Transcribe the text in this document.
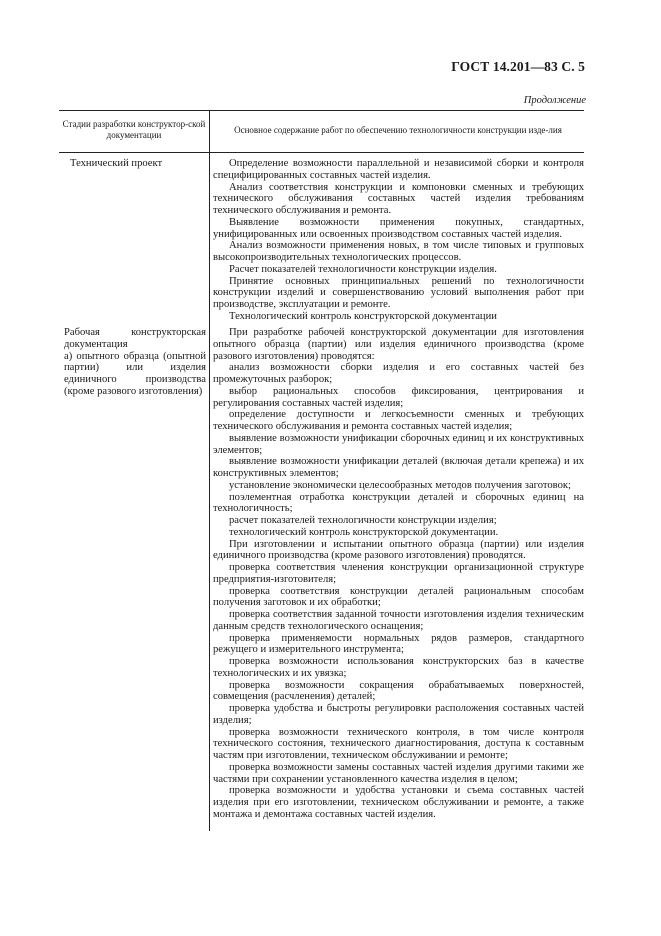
ГОСТ 14.201—83 С. 5
Продолжение
Стадии разработки конструктор-ской документации	Основное содержание работ по обеспечению технологичности конструкции изде-лия
Технический проект	Определение возможности параллельной и независимой сборки и контроля специфицированных составных частей изделия.

Анализ соответствия конструкции и компоновки сменных и требующих технического обслуживания составных частей изделия требованиям технического обслуживания и ремонта.

Выявление возможности применения покупных, стандартных, унифицированных или освоенных производством составных частей изделия.

Анализ возможности применения новых, в том числе типовых и групповых высокопроизводительных технологических процессов.

Расчет показателей технологичности конструкции изделия.

Принятие основных принципиальных решений по технологичности конструкции изделий и совершенствованию условий выполнения работ при производстве, эксплуатации и ремонте.

Технологический контроль конструкторской документации

Рабочая конструкторская документация

а) опытного образца (опытной партии) или изделия единичного производства (кроме разового изготовления)

При разработке рабочей конструкторской документации для изготовления опытного образца (партии) или изделия единичного производства (кроме разового изготовления) проводятся:

анализ возможности сборки изделия и его составных частей без промежуточных разборок;

выбор рациональных способов фиксирования, центрирования и регулирования составных частей изделия;

определение доступности и легкосъемности сменных и требующих технического обслуживания и ремонта составных частей изделия;

выявление возможности унификации сборочных единиц и их конструктивных элементов;

выявление возможности унификации деталей (включая детали крепежа) и их конструктивных элементов;

установление экономически целесообразных методов получения заготовок;

поэлементная отработка конструкции деталей и сборочных единиц на технологичность;

расчет показателей технологичности конструкции изделия;

технологический контроль конструкторской документации.

При изготовлении и испытании опытного образца (партии) или изделия единичного производства (кроме разового изготовления) проводятся.

проверка соответствия членения конструкции организационной структуре предприятия-изготовителя;

проверка соответствия конструкции деталей рациональным способам получения заготовок и их обработки;

проверка соответствия заданной точности изготовления изделия техническим данным средств технологического оснащения;

проверка применяемости нормальных рядов размеров, стандартного режущего и измерительного инструмента;

проверка возможности использования конструкторских баз в качестве технологических и их увязка;

проверка возможности сокращения обрабатываемых поверхностей, совмещения (расчленения) деталей;

проверка удобства и быстроты регулировки расположения составных частей изделия;

проверка возможности технического контроля, в том числе контроля технического состояния, технического диагностирования, доступа к составным частям при изготовлении, техническом обслуживании и ремонте;

проверка возможности замены составных частей изделия другими такими же частями при сохранении установленного качества изделия в целом;

проверка возможности и удобства установки и съема составных частей изделия при его изготовлении, техническом обслуживании и ремонте, а также монтажа и демонтажа составных частей изделия.
